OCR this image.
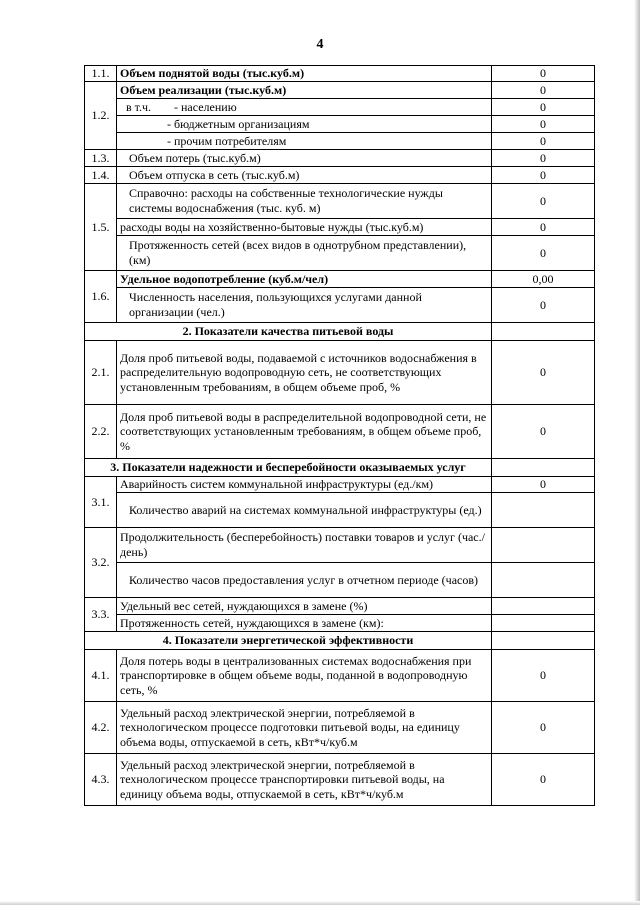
4
1.1.	Объем поднятой воды (тыс.куб.м)	0
1.2.	Объем реализации (тыс.куб.м)	0
	в т.ч. - населению	0
	- бюджетным организациям	0
	- прочим потребителям	0
1.3.	Объем потерь (тыс.куб.м)	0
1.4.	Объем отпуска в сеть (тыс.куб.м)	0
1.5.	Справочно: расходы на собственные технологические нужды системы водоснабжения (тыс. куб. м)	0
	расходы воды на хозяйственно-бытовые нужды (тыс.куб.м)	0
	Протяженность сетей (всех видов в однотрубном представлении), (км)	0
1.6.	Удельное водопотребление (куб.м/чел)	0,00
	Численность населения, пользующихся услугами данной организации (чел.)	0
2. Показатели качества питьевой воды		
2.1.	Доля проб питьевой воды, подаваемой с источников водоснабжения в распределительную водопроводную сеть, не соответствующих установленным требованиям, в общем объеме проб, %	0
2.2.	Доля проб питьевой воды в распределительной водопроводной сети, не соответствующих установленным требованиям, в общем объеме проб, %	0
3. Показатели надежности и бесперебойности оказываемых услуг		
3.1.	Аварийность систем коммунальной инфраструктуры (ед./км)	0
	Количество аварий на системах коммунальной инфраструктуры (ед.)	
3.2.	Продолжительность (бесперебойность) поставки товаров и услуг (час./день)	
	Количество часов предоставления услуг в отчетном периоде (часов)	
3.3.	Удельный вес сетей, нуждающихся в замене (%)	
	Протяженность сетей, нуждающихся в замене (км):	
4. Показатели энергетической эффективности		
4.1.	Доля потерь воды в централизованных системах водоснабжения при транспортировке в общем объеме воды, поданной в водопроводную сеть, %	0
4.2.	Удельный расход электрической энергии, потребляемой в технологическом процессе подготовки питьевой воды, на единицу объема воды, отпускаемой в сеть, кВт*ч/куб.м	0
4.3.	Удельный расход электрической энергии, потребляемой в технологическом процессе транспортировки питьевой воды, на единицу объема воды, отпускаемой в сеть, кВт*ч/куб.м	0
